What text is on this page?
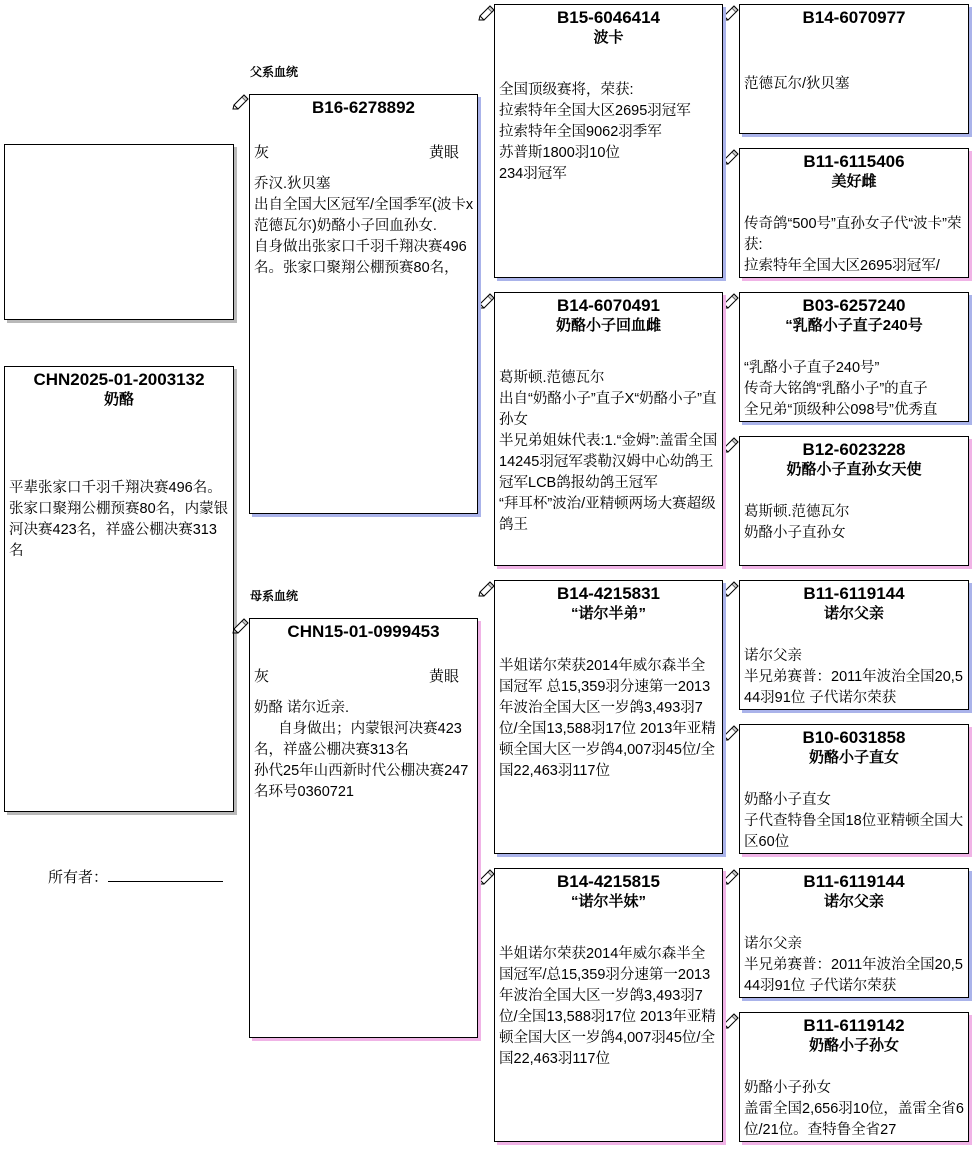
CHN2025-01-2003132
奶酪
平辈张家口千羽千翔决赛496名。张家口聚翔公棚预赛80名，内蒙银河决赛423名，祥盛公棚决赛313名
所有者：
父系血统
母系血统
B16-6278892
灰	黄眼
乔汉.狄贝塞
出自全国大区冠军/全国季军(波卡x范德瓦尔)奶酪小子回血孙女.
自身做出张家口千羽千翔决赛496名。张家口聚翔公棚预赛80名，
CHN15-01-0999453
灰	黄眼
奶酪 诺尔近亲.
自身做出；内蒙银河决赛423名，祥盛公棚决赛313名
孙代25年山西新时代公棚决赛247名环号0360721
B15-6046414
波卡
全国顶级赛将，荣获:
拉索特年全国大区2695羽冠军
拉索特年全国9062羽季军
苏普斯1800羽10位
234羽冠军
B14-6070491
奶酪小子回血雌
葛斯顿.范德瓦尔
出自“奶酪小子”直子X“奶酪小子”直孙女
半兄弟姐妹代表:1.“金姆”:盖雷全国14245羽冠军裘勒汉姆中心幼鸽王冠军LCB鸽报幼鸽王冠军
“拜耳杯”波治/亚精顿两场大赛超级鸽王
B14-4215831
“诺尔半弟”
半姐诺尔荣获2014年威尔森半全国冠军 总15,359羽分速第一2013年波治全国大区一岁鸽3,493羽7位/全国13,588羽17位 2013年亚精顿全国大区一岁鸽4,007羽45位/全国22,463羽117位
B14-4215815
“诺尔半妹”
半姐诺尔荣获2014年威尔森半全国冠军/总15,359羽分速第一2013年波治全国大区一岁鸽3,493羽7位/全国13,588羽17位 2013年亚精顿全国大区一岁鸽4,007羽45位/全国22,463羽117位
B14-6070977
范德瓦尔/狄贝塞
B11-6115406
美好雌
传奇鸽“500号”直孙女子代“波卡”荣获:
拉索特年全国大区2695羽冠军/
B03-6257240
“乳酪小子直子240号
“乳酪小子直子240号”
传奇大铭鸽“乳酪小子”的直子
全兄弟“顶级种公098号”优秀直
B12-6023228
奶酪小子直孙女天使
葛斯顿.范德瓦尔
奶酪小子直孙女
B11-6119144
诺尔父亲
诺尔父亲
半兄弟赛普：2011年波治全国20,544羽91位 子代诺尔荣获
B10-6031858
奶酪小子直女
奶酪小子直女
子代查特鲁全国18位亚精顿全国大区60位
B11-6119144
诺尔父亲
诺尔父亲
半兄弟赛普：2011年波治全国20,544羽91位 子代诺尔荣获
B11-6119142
奶酪小子孙女
奶酪小子孙女
盖雷全国2,656羽10位，盖雷全省6位/21位。查特鲁全省27
